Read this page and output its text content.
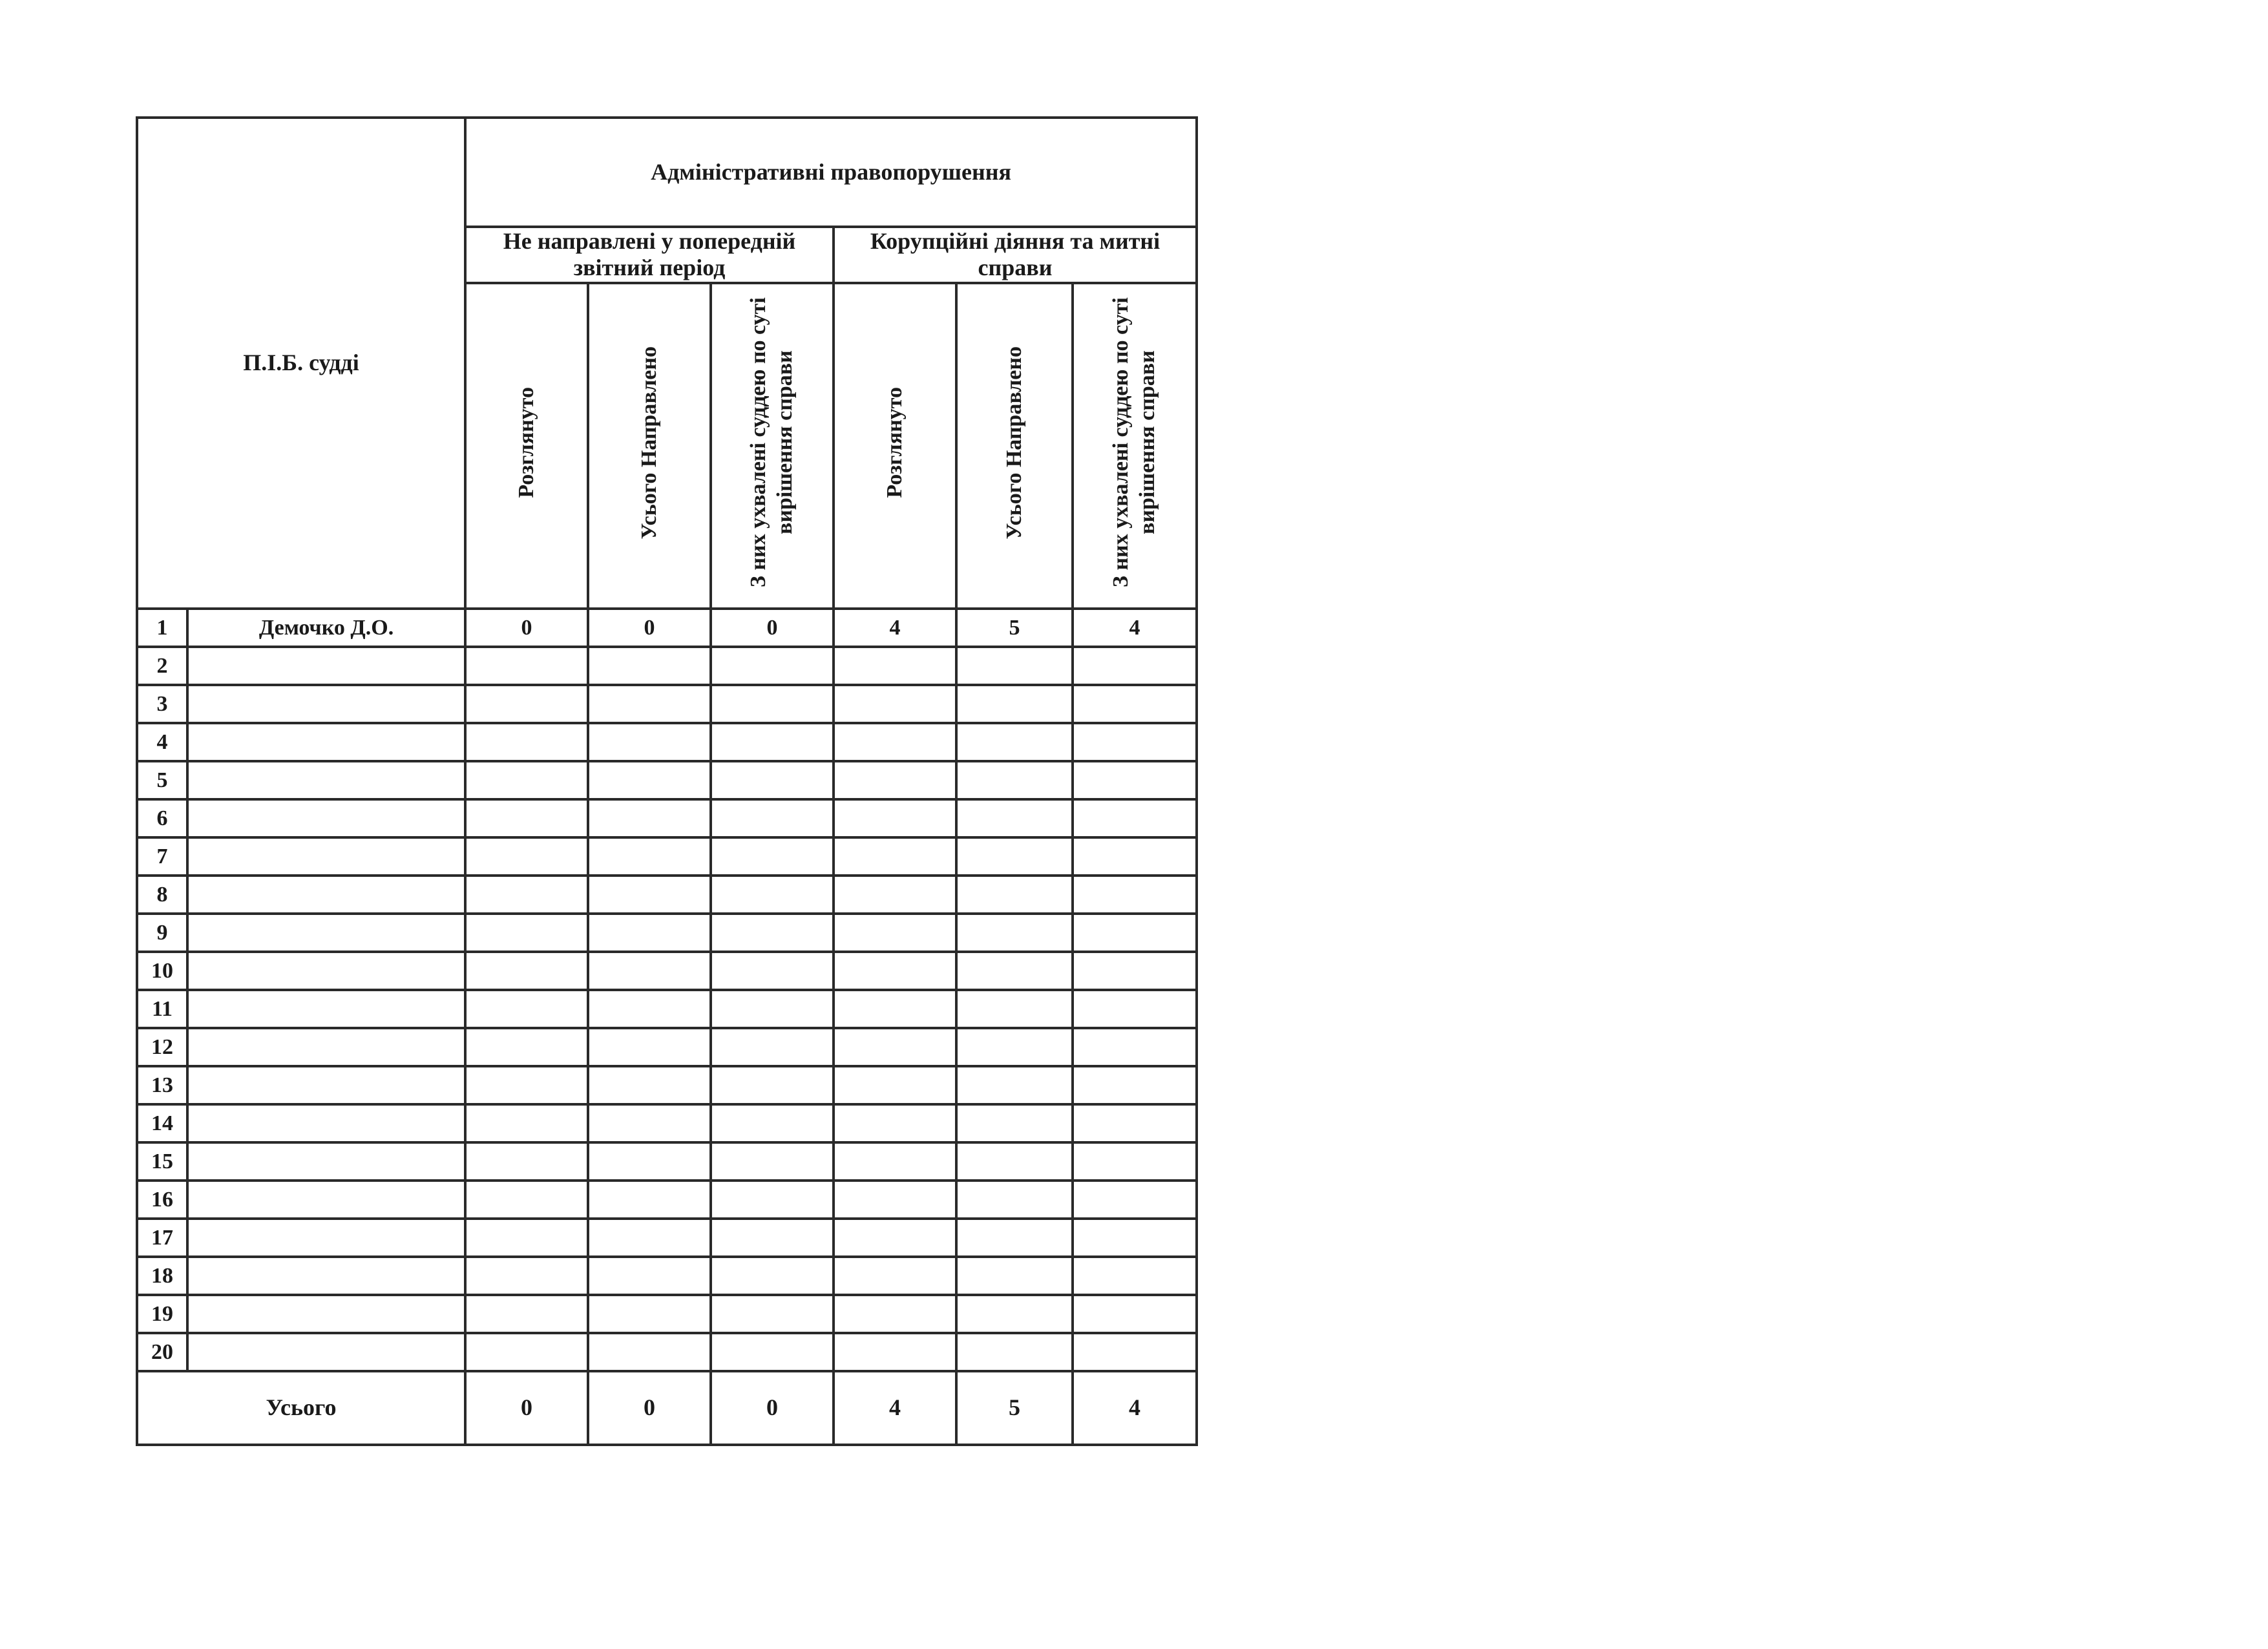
П.І.Б. судді		Адміністративні правопорушення					
		Не направлені у попередній звітний період			Корупційні діяння та митні справи		
		Розглянуто	Усього Направлено	З них ухвалені суддею по суті вирішення справи	Розглянуто	Усього Направлено	З них ухвалені суддею по суті вирішення справи
1	Демочко Д.О.	0	0	0	4	5	4
2							
3							
4							
5							
6							
7							
8							
9							
10							
11							
12							
13							
14							
15							
16							
17							
18							
19							
20							
Усього		0	0	0	4	5	4
